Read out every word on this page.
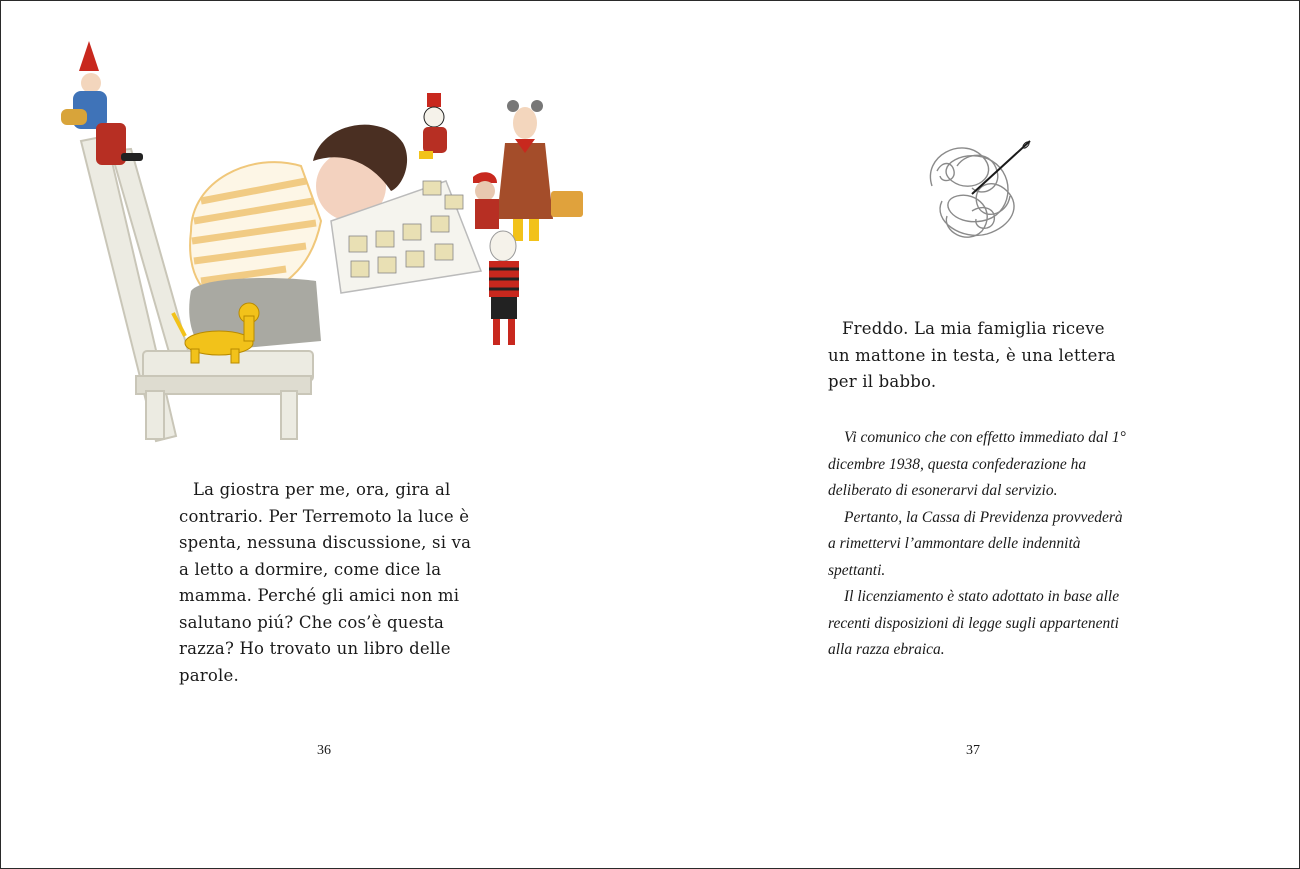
La giostra per me, ora, gira al contrario. Per Terremoto la luce è spenta, nessuna discussione, si va a letto a dormire, come dice la mamma. Perché gli amici non mi salutano piú? Che cos’è questa razza? Ho trovato un libro delle parole.

36

Freddo. La mia famiglia riceve un mattone in testa, è una lettera per il babbo.

Vi comunico che con effetto immediato dal 1° dicembre 1938, questa confederazione ha deliberato di esonerarvi dal servizio.

Pertanto, la Cassa di Previdenza provvederà a rimettervi l’ammontare delle indennità spettanti.

Il licenziamento è stato adottato in base alle recenti disposizioni di legge sugli appartenenti alla razza ebraica.

37
